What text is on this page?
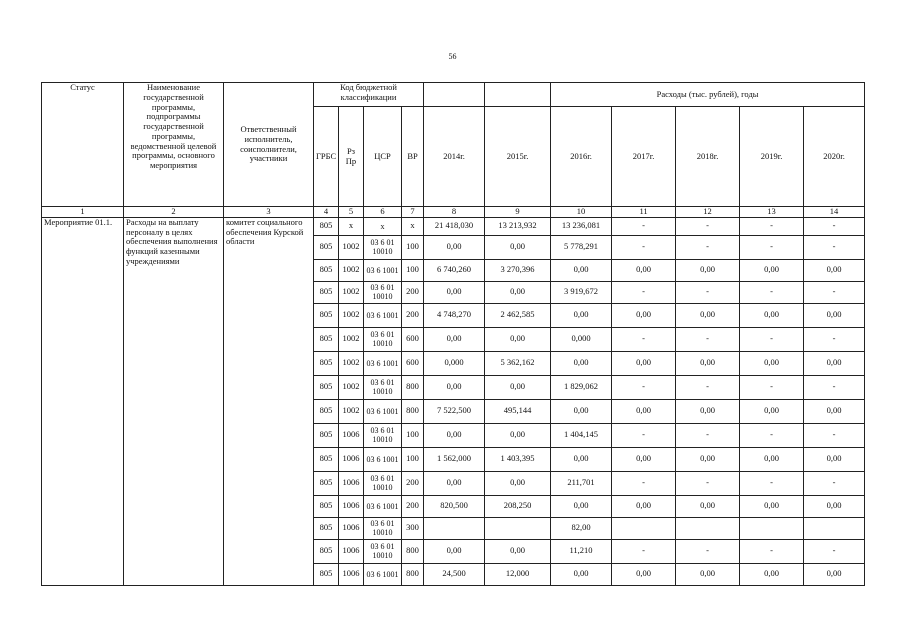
56
Статус	Наименование государственной программы, подпрограммы государственной программы, ведомственной целевой программы, основного мероприятия	Ответственный исполнитель, соисполнители, участники	Код бюджетной классификации						Расходы (тыс. рублей), годы				
			ГРБС	Рз Пр	ЦСР	ВР	2014г.	2015г.	2016г.	2017г.	2018г.	2019г.	2020г.
1	2	3	4	5	6	7	8	9	10	11	12	13	14
Мероприятие 01.1.	Расходы на выплату персоналу в целях обеспечения выполнения функций казенными учреждениями	комитет социального обеспечения Курской области	805	х	х	х	21 418,030	13 213,932	13 236,081	-	-	-	-
			805	1002	03 6 01 10010	100	0,00	0,00	5 778,291	-	-	-	-
			805	1002	03 6 1001	100	6 740,260	3 270,396	0,00	0,00	0,00	0,00	0,00
			805	1002	03 6 01 10010	200	0,00	0,00	3 919,672	-	-	-	-
			805	1002	03 6 1001	200	4 748,270	2 462,585	0,00	0,00	0,00	0,00	0,00
			805	1002	03 6 01 10010	600	0,00	0,00	0,000	-	-	-	-
			805	1002	03 6 1001	600	0,000	5 362,162	0,00	0,00	0,00	0,00	0,00
			805	1002	03 6 01 10010	800	0,00	0,00	1 829,062	-	-	-	-
			805	1002	03 6 1001	800	7 522,500	495,144	0,00	0,00	0,00	0,00	0,00
			805	1006	03 6 01 10010	100	0,00	0,00	1 404,145	-	-	-	-
			805	1006	03 6 1001	100	1 562,000	1 403,395	0,00	0,00	0,00	0,00	0,00
			805	1006	03 6 01 10010	200	0,00	0,00	211,701	-	-	-	-
			805	1006	03 6 1001	200	820,500	208,250	0,00	0,00	0,00	0,00	0,00
			805	1006	03 6 01 10010	300			82,00				
			805	1006	03 6 01 10010	800	0,00	0,00	11,210	-	-	-	-
			805	1006	03 6 1001	800	24,500	12,000	0,00	0,00	0,00	0,00	0,00
